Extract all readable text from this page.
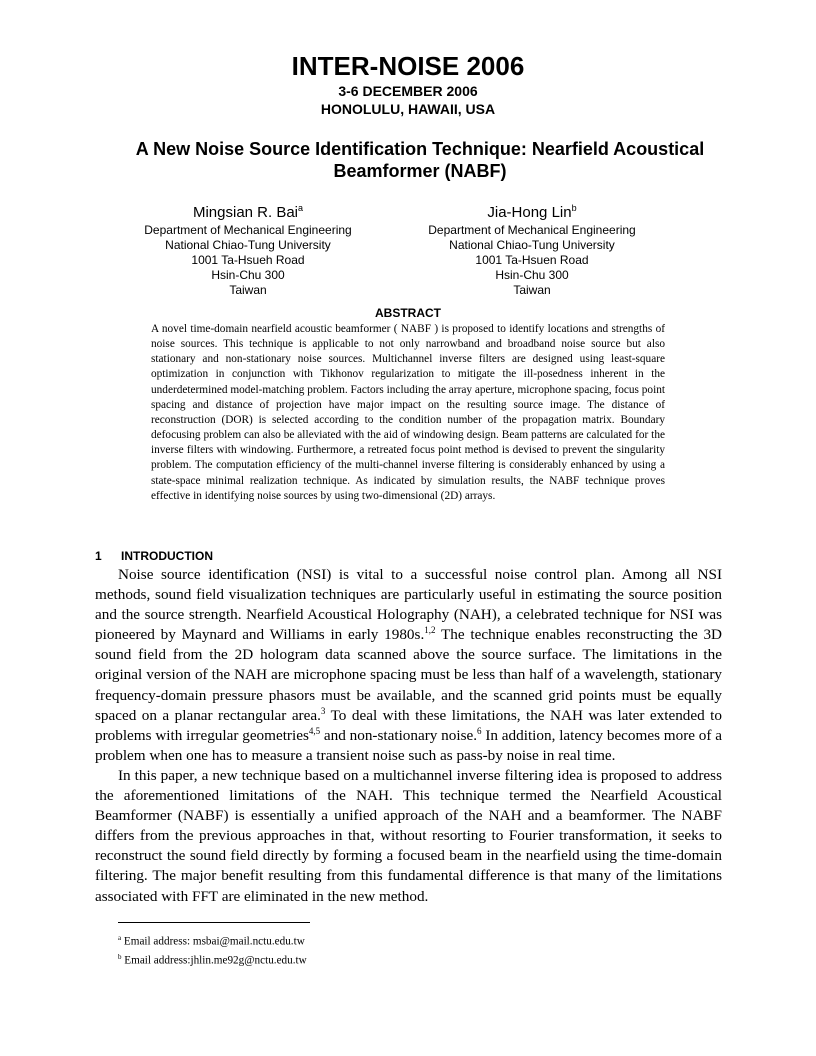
INTER-NOISE 2006
3-6 DECEMBER 2006
HONOLULU, HAWAII, USA
A New Noise Source Identification Technique: Nearfield Acoustical
Beamformer (NABF)
Mingsian R. Bai$^a$
Department of Mechanical Engineering
National Chiao-Tung University
1001 Ta-Hsueh Road
Hsin-Chu 300
Taiwan
Jia-Hong Lin$^b$
Department of Mechanical Engineering
National Chiao-Tung University
1001 Ta-Hsuen Road
Hsin-Chu 300
Taiwan
ABSTRACT
A novel time-domain nearfield acoustic beamformer ( NABF ) is proposed to identify locations and strengths of noise sources. This technique is applicable to not only narrowband and broadband noise source but also stationary and non-stationary noise sources. Multichannel inverse filters are designed using least-square optimization in conjunction with Tikhonov regularization to mitigate the ill-posedness inherent in the underdetermined model-matching problem. Factors including the array aperture, microphone spacing, focus point spacing and distance of projection have major impact on the resulting source image. The distance of reconstruction (DOR) is selected according to the condition number of the propagation matrix. Boundary defocusing problem can also be alleviated with the aid of windowing design. Beam patterns are calculated for the inverse filters with windowing. Furthermore, a retreated focus point method is devised to prevent the singularity problem. The computation efficiency of the multi-channel inverse filtering is considerably enhanced by using a state-space minimal realization technique. As indicated by simulation results, the NABF technique proves effective in identifying noise sources by using two-dimensional (2D) arrays.
1 INTRODUCTION

Noise source identification (NSI) is vital to a successful noise control plan. Among all NSI methods, sound field visualization techniques are particularly useful in estimating the source position and the source strength. Nearfield Acoustical Holography (NAH), a celebrated technique for NSI was pioneered by Maynard and Williams in early 1980s.$^{1,2}$ The technique enables reconstructing the 3D sound field from the 2D hologram data scanned above the source surface. The limitations in the original version of the NAH are microphone spacing must be less than half of a wavelength, stationary frequency-domain pressure phasors must be available, and the scanned grid points must be equally spaced on a planar rectangular area.$^3$ To deal with these limitations, the NAH was later extended to problems with irregular geometries$^{4,5}$ and non-stationary noise.$^6$ In addition, latency becomes more of a problem when one has to measure a transient noise such as pass-by noise in real time.

In this paper, a new technique based on a multichannel inverse filtering idea is proposed to address the aforementioned limitations of the NAH. This technique termed the Nearfield Acoustical Beamformer (NABF) is essentially a unified approach of the NAH and a beamformer. The NABF differs from the previous approaches in that, without resorting to Fourier transformation, it seeks to reconstruct the sound field directly by forming a focused beam in the nearfield using the time-domain filtering. The major benefit resulting from this fundamental difference is that many of the limitations associated with FFT are eliminated in the new method.

$^a$ Email address: msbai@mail.nctu.edu.tw
$^b$ Email address:jhlin.me92g@nctu.edu.tw
